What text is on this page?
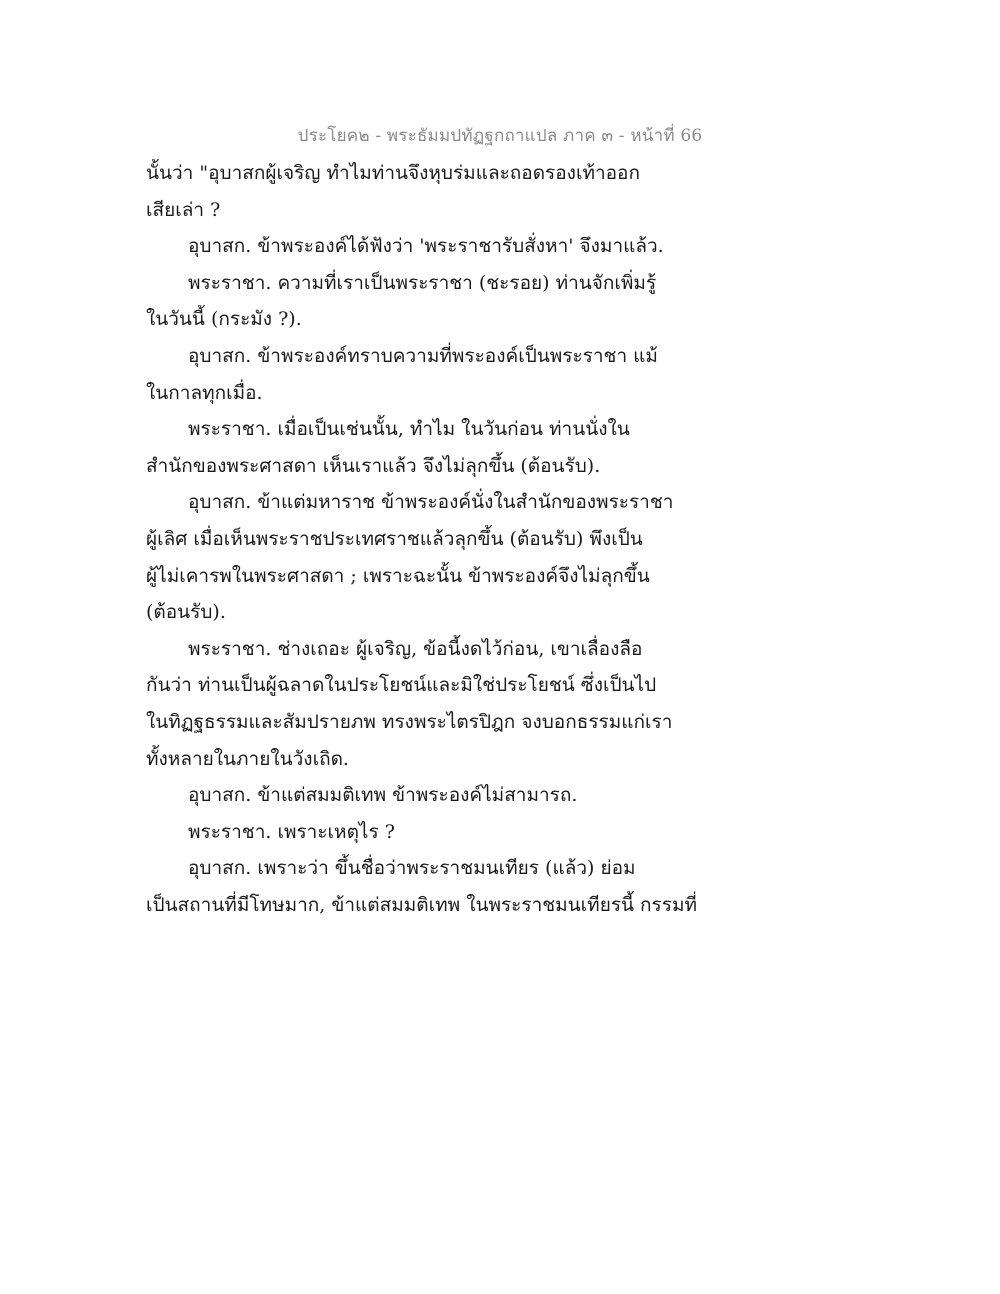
ประโยค๒ - พระธัมมปทัฏฐกถาแปล ภาค ๓ - หน้าที่ 66
นั้นว่า "อุบาสกผู้เจริญ ทำไมท่านจึงหุบร่มและถอดรองเท้าออก
เสียเล่า ?
อุบาสก. ข้าพระองค์ได้ฟังว่า 'พระราชารับสั่งหา' จึงมาแล้ว.
พระราชา. ความที่เราเป็นพระราชา (ชะรอย) ท่านจักเพิ่มรู้
ในวันนี้ (กระมัง ?).
อุบาสก. ข้าพระองค์ทราบความที่พระองค์เป็นพระราชา แม้
ในกาลทุกเมื่อ.
พระราชา. เมื่อเป็นเช่นนั้น, ทำไม ในวันก่อน ท่านนั่งใน
สำนักของพระศาสดา เห็นเราแล้ว จึงไม่ลุกขึ้น (ต้อนรับ).
อุบาสก. ข้าแต่มหาราช ข้าพระองค์นั่งในสำนักของพระราชา
ผู้เลิศ เมื่อเห็นพระราชประเทศราชแล้วลุกขึ้น (ต้อนรับ) พึงเป็น
ผู้ไม่เคารพในพระศาสดา ; เพราะฉะนั้น ข้าพระองค์จึงไม่ลุกขึ้น
(ต้อนรับ).
พระราชา. ช่างเถอะ ผู้เจริญ, ข้อนี้งดไว้ก่อน, เขาเลื่องลือ
กันว่า ท่านเป็นผู้ฉลาดในประโยชน์และมิใช่ประโยชน์ ซึ่งเป็นไป
ในทิฏฐธรรมและสัมปรายภพ ทรงพระไตรปิฎก จงบอกธรรมแก่เรา
ทั้งหลายในภายในวังเถิด.
อุบาสก. ข้าแต่สมมติเทพ ข้าพระองค์ไม่สามารถ.
พระราชา. เพราะเหตุไร ?
อุบาสก. เพราะว่า ขึ้นชื่อว่าพระราชมนเทียร (แล้ว) ย่อม
เป็นสถานที่มีโทษมาก, ข้าแต่สมมติเทพ ในพระราชมนเทียรนี้ กรรมที่
